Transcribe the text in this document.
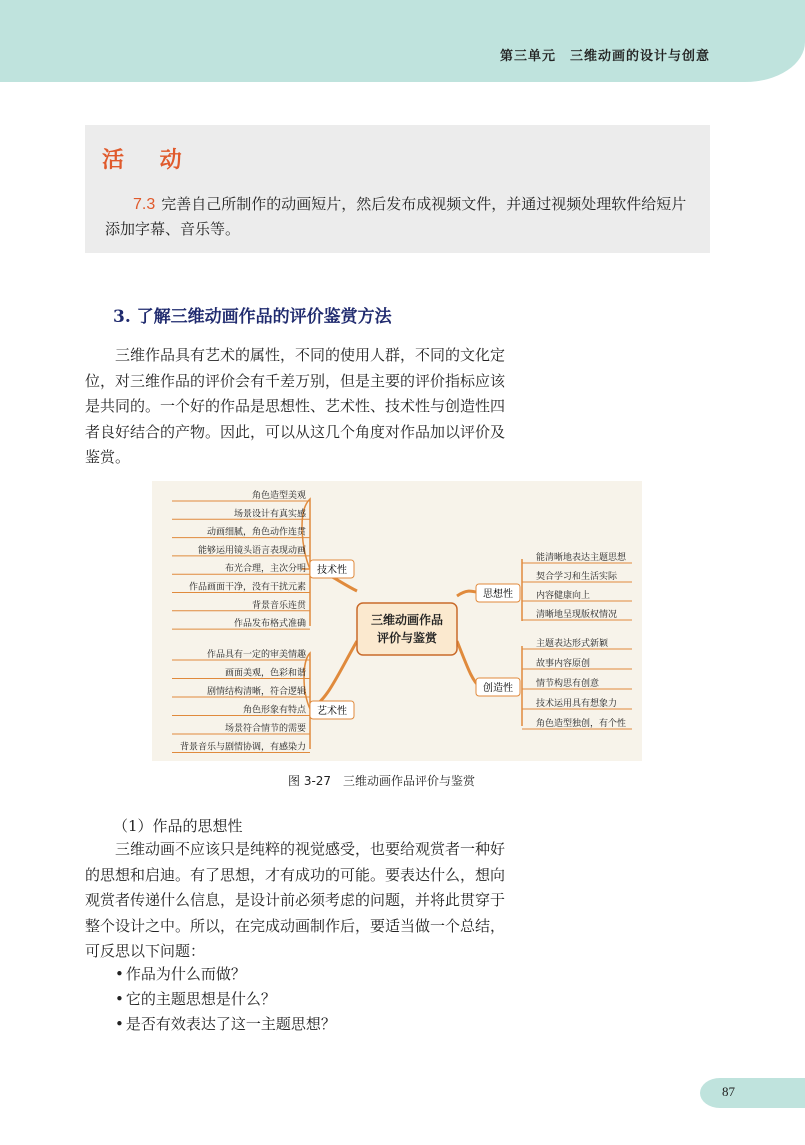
第三单元　三维动画的设计与创意
活 动
7.3 完善自己所制作的动画短片，然后发布成视频文件，并通过视频处理软件给短片添加字幕、音乐等。
3. 了解三维动画作品的评价鉴赏方法
三维作品具有艺术的属性，不同的使用人群，不同的文化定位，对三维作品的评价会有千差万别，但是主要的评价指标应该是共同的。一个好的作品是思想性、艺术性、技术性与创造性四者良好结合的产物。因此，可以从这几个角度对作品加以评价及鉴赏。
角色造型美观
场景设计有真实感
动画细腻，角色动作连贯
能够运用镜头语言表现动画
布光合理，主次分明
作品画面干净，没有干扰元素
背景音乐连贯
作品发布格式准确
作品具有一定的审美情趣
画面美观，色彩和谐
剧情结构清晰，符合逻辑
角色形象有特点
场景符合情节的需要
背景音乐与剧情协调，有感染力
能清晰地表达主题思想
契合学习和生活实际
内容健康向上
清晰地呈现版权情况
主题表达形式新颖
故事内容原创
情节构思有创意
技术运用具有想象力
角色造型独创，有个性
三维动画作品
评价与鉴赏
技术性
艺术性
思想性
创造性
图 3-27　三维动画作品评价与鉴赏
（1）作品的思想性
三维动画不应该只是纯粹的视觉感受，也要给观赏者一种好的思想和启迪。有了思想，才有成功的可能。要表达什么，想向观赏者传递什么信息，是设计前必须考虑的问题，并将此贯穿于整个设计之中。所以，在完成动画制作后，要适当做一个总结，可反思以下问题：
• 作品为什么而做？
• 它的主题思想是什么？
• 是否有效表达了这一主题思想？
87
